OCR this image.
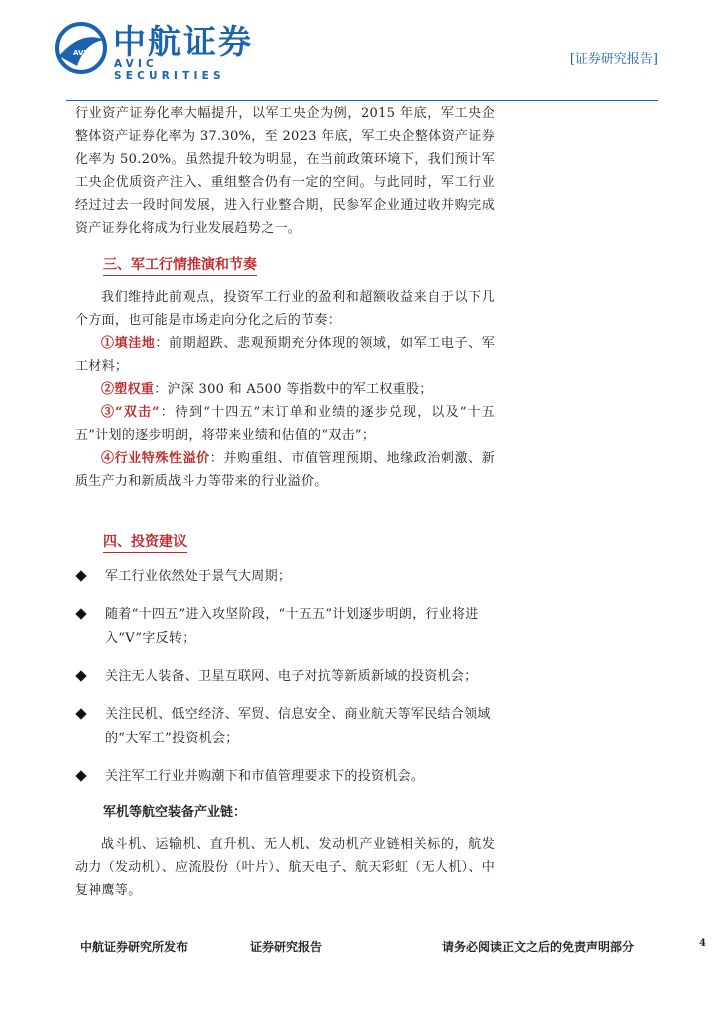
AVIC 中航证券
AVIC SECURITIES
[证券研究报告]

行业资产证券化率大幅提升，以军工央企为例，2015 年底，军工央企整体资产证券化率为 37.30%，至 2023 年底，军工央企整体资产证券化率为 50.20%。虽然提升较为明显，在当前政策环境下，我们预计军工央企优质资产注入、重组整合仍有一定的空间。与此同时，军工行业经过过去一段时间发展，进入行业整合期，民参军企业通过收并购完成资产证券化将成为行业发展趋势之一。

三、军工行情推演和节奏

我们维持此前观点，投资军工行业的盈利和超额收益来自于以下几个方面，也可能是市场走向分化之后的节奏：

①填洼地：前期超跌、悲观预期充分体现的领域，如军工电子、军工材料；

②塑权重：沪深 300 和 A500 等指数中的军工权重股；

③“双击”：待到“十四五”末订单和业绩的逐步兑现，以及“十五五”计划的逐步明朗，将带来业绩和估值的“双击”；

④行业特殊性溢价：并购重组、市值管理预期、地缘政治刺激、新质生产力和新质战斗力等带来的行业溢价。

四、投资建议
军工行业依然处于景气大周期；
随着“十四五”进入攻坚阶段，“十五五”计划逐步明朗，行业将进入“V”字反转；
关注无人装备、卫星互联网、电子对抗等新质新域的投资机会；
关注民机、低空经济、军贸、信息安全、商业航天等军民结合领域的“大军工”投资机会；
关注军工行业并购潮下和市值管理要求下的投资机会。

军机等航空装备产业链：

战斗机、运输机、直升机、无人机、发动机产业链相关标的，航发动力（发动机）、应流股份（叶片）、航天电子、航天彩虹（无人机）、中复神鹰等。

中航证券研究所发布	证券研究报告	请务必阅读正文之后的免责声明部分	4
